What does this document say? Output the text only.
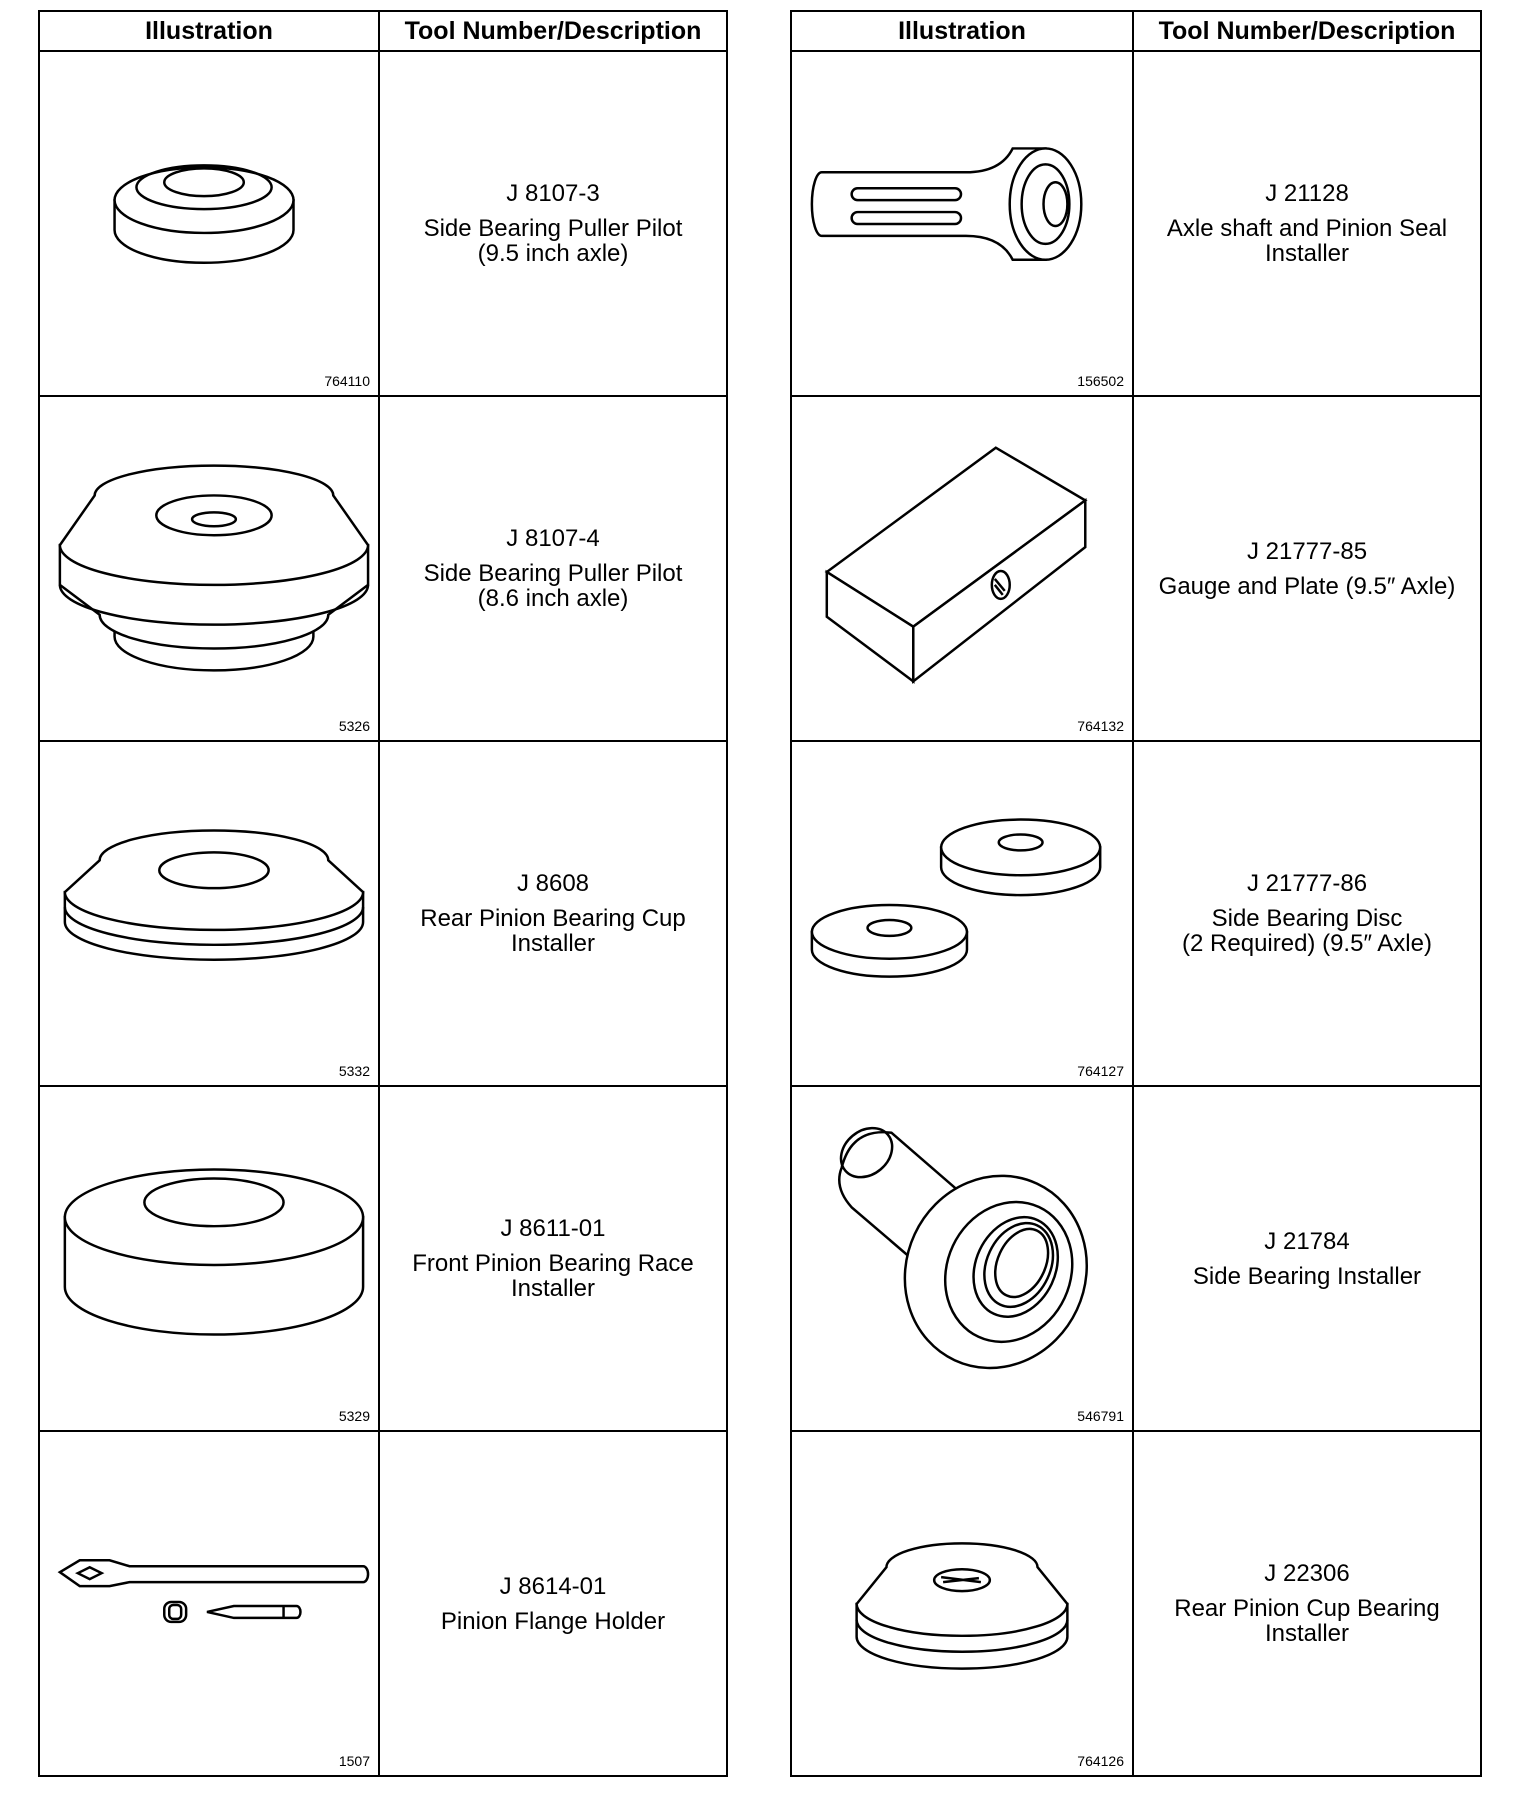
Illustration	Tool Number/Description

764110	J 8107-3
Side Bearing Puller Pilot
(9.5 inch axle)

5326	J 8107-4
Side Bearing Puller Pilot
(8.6 inch axle)

5332	J 8608
Rear Pinion Bearing Cup
Installer

5329	J 8611-01
Front Pinion Bearing Race
Installer

1507	J 8614-01
Pinion Flange Holder
Illustration	Tool Number/Description

156502	J 21128
Axle shaft and Pinion Seal
Installer

764132	J 21777-85
Gauge and Plate (9.5″ Axle)

764127	J 21777-86
Side Bearing Disc
(2 Required) (9.5″ Axle)

546791	J 21784
Side Bearing Installer

764126	J 22306
Rear Pinion Cup Bearing
Installer
